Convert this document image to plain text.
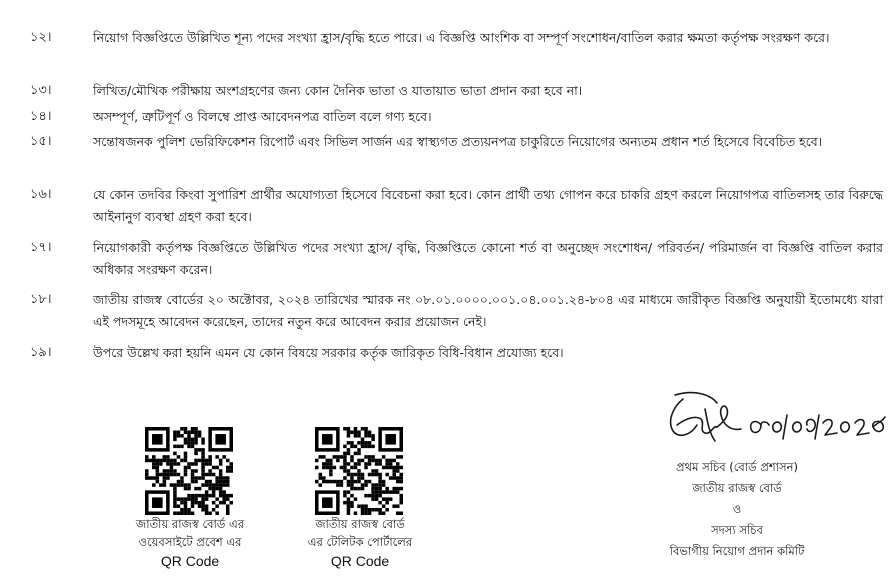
১২।	নিয়োগ বিজ্ঞপ্তিতে উল্লিখিত শূন্য পদের সংখ্যা হ্রাস/বৃদ্ধি হতে পারে। এ বিজ্ঞপ্তি আংশিক বা সম্পূর্ণ সংশোধন/বাতিল করার ক্ষমতা কর্তৃপক্ষ সংরক্ষণ করে।
১৩।	লিখিত/মৌখিক পরীক্ষায় অংশগ্রহণের জন্য কোন দৈনিক ভাতা ও যাতায়াত ভাতা প্রদান করা হবে না।
১৪।	অসম্পূর্ণ, ত্রুটিপূর্ণ ও বিলম্বে প্রাপ্ত আবেদনপত্র বাতিল বলে গণ্য হবে।
১৫।	সন্তোষজনক পুলিশ ভেরিফিকেশন রিপোর্ট এবং সিভিল সার্জন এর স্বাস্থ্যগত প্রত্যয়নপত্র চাকুরিতে নিয়োগের অন্যতম প্রধান শর্ত হিসেবে বিবেচিত হবে।
১৬।	যে কোন তদবির কিংবা সুপারিশ প্রার্থীর অযোগ্যতা হিসেবে বিবেচনা করা হবে। কোন প্রার্থী তথ্য গোপন করে চাকরি গ্রহণ করলে নিয়োগপত্র বাতিলসহ তার বিরুদ্ধে আইনানুগ ব্যবস্থা গ্রহণ করা হবে।
১৭।	নিয়োগকারী কর্তৃপক্ষ বিজ্ঞপ্তিতে উল্লিখিত পদের সংখ্যা হ্রাস/ বৃদ্ধি, বিজ্ঞপ্তিতে কোনো শর্ত বা অনুচ্ছেদ সংশোধন/ পরিবর্তন/ পরিমার্জন বা বিজ্ঞপ্তি বাতিল করার অধিকার সংরক্ষণ করেন।
১৮।	জাতীয় রাজস্ব বোর্ডের ২০ অক্টোবর, ২০২৪ তারিখের স্মারক নং ০৮.০১.০০০০.০০১.০৪.০০১.২৪-৮০৪ এর মাধ্যমে জারীকৃত বিজ্ঞপ্তি অনুযায়ী ইতোমধ্যে যারা এই পদসমূহে আবেদন করেছেন, তাদের নতুন করে আবেদন করার প্রয়োজন নেই।
১৯।	উপরে উল্লেখ করা হয়নি এমন যে কোন বিষয়ে সরকার কর্তৃক জারিকৃত বিধি-বিধান প্রযোজ্য হবে।
জাতীয় রাজস্ব বোর্ড এর
ওয়েবসাইটে প্রবেশ এর
QR Code
জাতীয় রাজস্ব বোর্ড
এর টেলিটক পোর্টালের
QR Code
প্রথম সচিব (বোর্ড প্রশাসন)
জাতীয় রাজস্ব বোর্ড
ও
সদস্য সচিব
বিভাগীয় নিয়োগ প্রদান কমিটি
